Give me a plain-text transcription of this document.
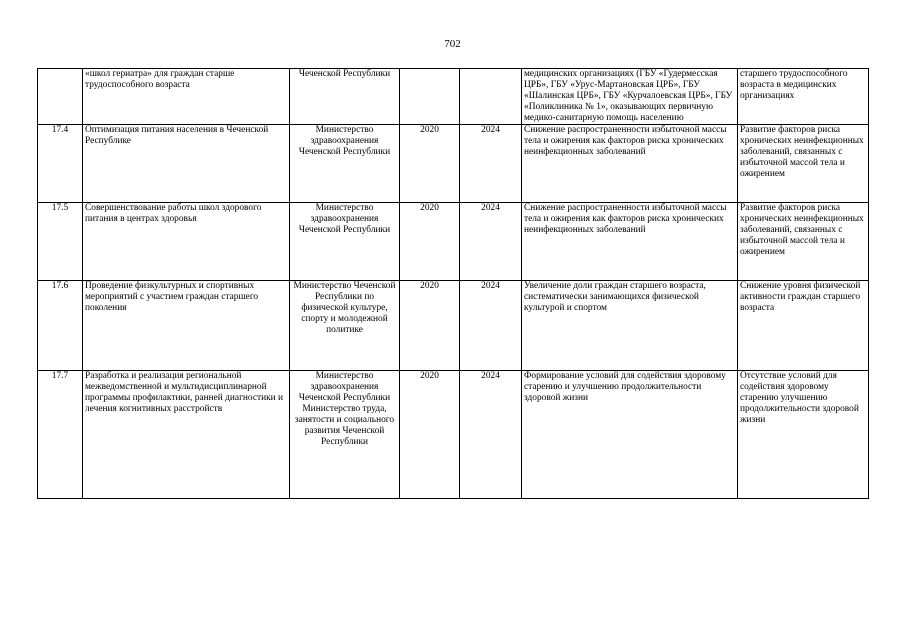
702
	«школ гериатра» для граждан старше трудоспособного возраста	Чеченской Республики			медицинских организациях (ГБУ «Гудермесская ЦРБ», ГБУ «Урус-Мартановская ЦРБ», ГБУ «Шалинская ЦРБ», ГБУ «Курчалоевская ЦРБ», ГБУ «Поликлиника № 1», оказывающих первичную медико-санитарную помощь населению	старшего трудоспособного возраста в медицинских организациях
17.4	Оптимизация питания населения в Чеченской Республике	Министерство здравоохранения Чеченской Республики	2020	2024	Снижение распространенности избыточной массы тела и ожирения как факторов риска хронических неинфекционных заболеваний	Развитие факторов риска хронических неинфекционных заболеваний, связанных с избыточной массой тела и ожирением
17.5	Совершенствование работы школ здорового питания в центрах здоровья	Министерство здравоохранения Чеченской Республики	2020	2024	Снижение распространенности избыточной массы тела и ожирения как факторов риска хронических неинфекционных заболеваний	Развитие факторов риска хронических неинфекционных заболеваний, связанных с избыточной массой тела и ожирением
17.6	Проведение физкультурных и спортивных мероприятий с участием граждан старшего поколения	Министерство Чеченской Республики по физической культуре, спорту и молодежной политике	2020	2024	Увеличение доли граждан старшего возраста, систематически занимающихся физической культурой и спортом	Снижение уровня физической активности граждан старшего возраста
17.7	Разработка и реализация региональной межведомственной и мультидисциплинарной программы профилактики, ранней диагностики и лечения когнитивных расстройств	Министерство здравоохранения Чеченской Республики Министерство труда, занятости и социального развития Чеченской Республики	2020	2024	Формирование условий для содействия здоровому старению и улучшению продолжительности здоровой жизни	Отсутствие условий для содействия здоровому старению улучшению продолжительности здоровой жизни
